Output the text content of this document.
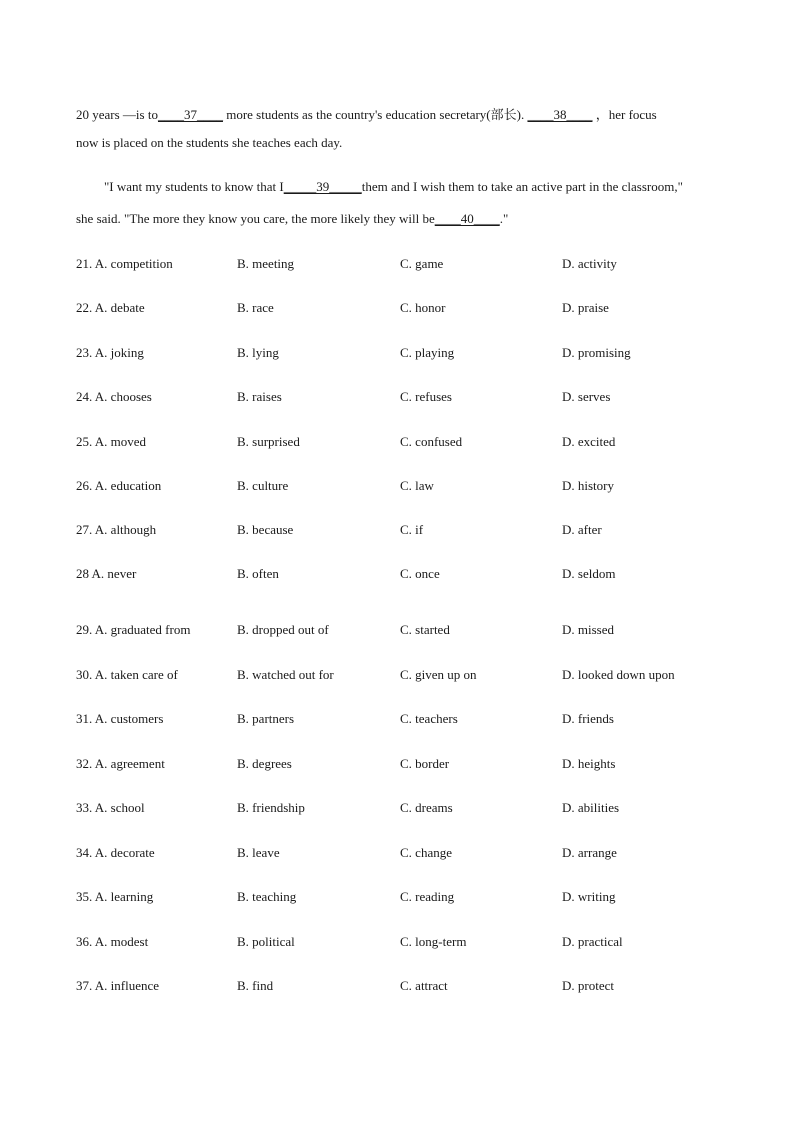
20 years —is to____37____ more students as the country's education secretary(部长). ____38____ ，her focus
now is placed on the students she teaches each day.
"I want my students to know that I_____39_____them and I wish them to take an active part in the classroom,"
she said. "The more they know you care, the more likely they will be____40____."
21. A. competition	B. meeting	C. game	D. activity
22. A. debate	B. race	C. honor	D. praise
23. A. joking	B. lying	C. playing	D. promising
24. A. chooses	B. raises	C. refuses	D. serves
25. A. moved	B. surprised	C. confused	D. excited
26. A. education	B. culture	C. law	D. history
27. A. although	B. because	C. if	D. after
28 A. never	B. often	C. once	D. seldom
29. A. graduated from	B. dropped out of	C. started	D. missed
30. A. taken care of	B. watched out for	C. given up on	D. looked down upon
31. A. customers	B. partners	C. teachers	D. friends
32. A. agreement	B. degrees	C. border	D. heights
33. A. school	B. friendship	C. dreams	D. abilities
34. A. decorate	B. leave	C. change	D. arrange
35. A. learning	B. teaching	C. reading	D. writing
36. A. modest	B. political	C. long-term	D. practical
37. A. influence	B. find	C. attract	D. protect
